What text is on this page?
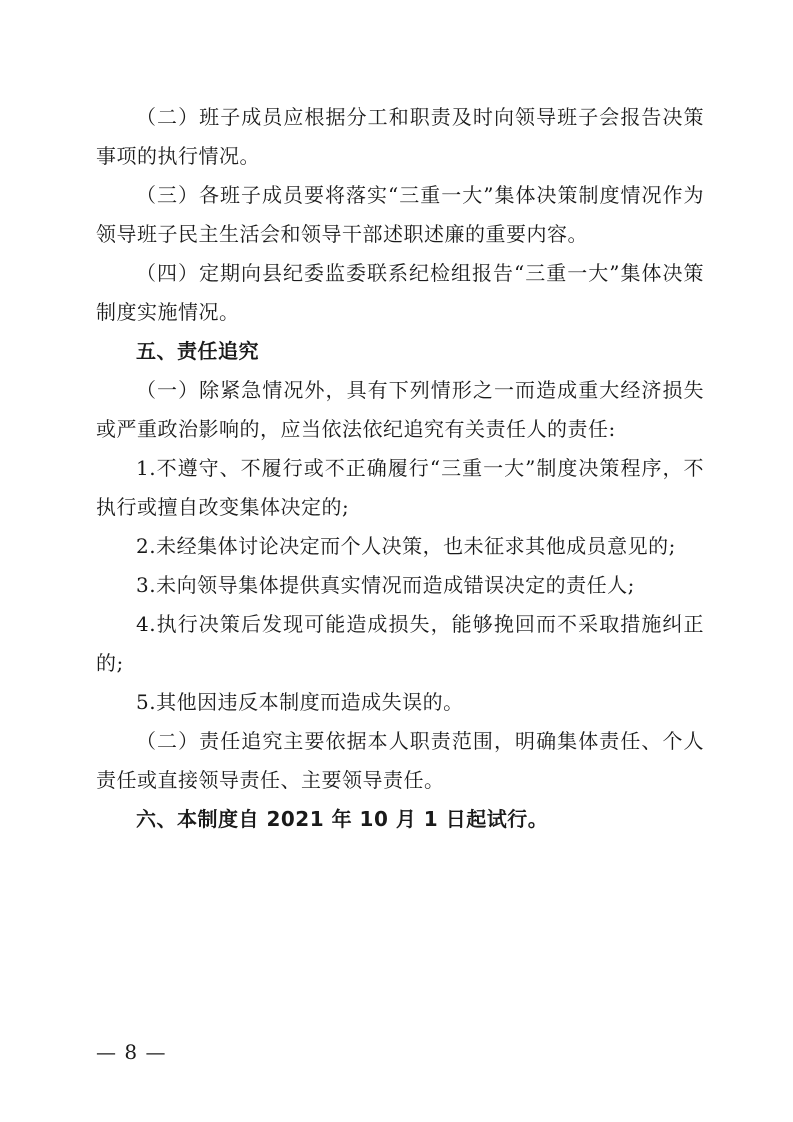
（二）班子成员应根据分工和职责及时向领导班子会报告决策事项的执行情况。

（三）各班子成员要将落实“三重一大”集体决策制度情况作为领导班子民主生活会和领导干部述职述廉的重要内容。

（四）定期向县纪委监委联系纪检组报告“三重一大”集体决策制度实施情况。

五、责任追究

（一）除紧急情况外，具有下列情形之一而造成重大经济损失或严重政治影响的，应当依法依纪追究有关责任人的责任:

1.不遵守、不履行或不正确履行“三重一大”制度决策程序，不执行或擅自改变集体决定的;

2.未经集体讨论决定而个人决策，也未征求其他成员意见的;

3.未向领导集体提供真实情况而造成错误决定的责任人;

4.执行决策后发现可能造成损失，能够挽回而不采取措施纠正的;

5.其他因违反本制度而造成失误的。

（二）责任追究主要依据本人职责范围，明确集体责任、个人责任或直接领导责任、主要领导责任。

六、本制度自 2021 年 10 月 1 日起试行。

— 8 —
